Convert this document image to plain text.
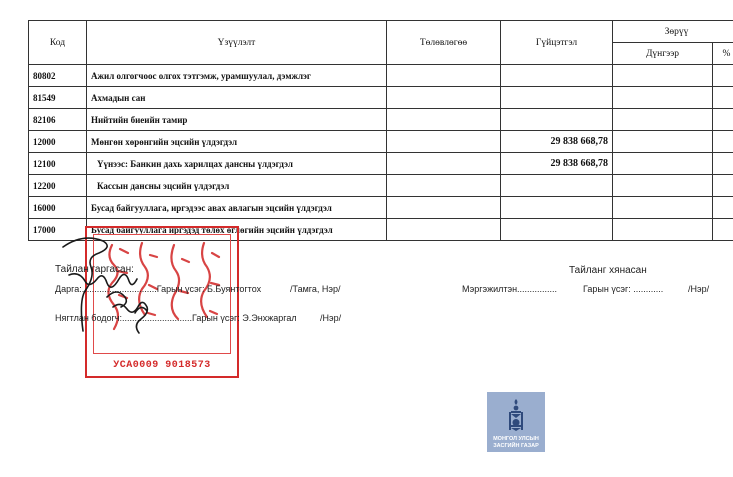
Код	Үзүүлэлт	Төлөвлөгөө	Гүйцэтгэл	Зөрүү	
				Дүнгээр	%
80802	Ажил олгогчоос олгох тэтгэмж, урамшуулал, дэмжлэг				
81549	Ахмадын сан				
82106	Нийтийн биеийн тамир				
12000	Мөнгөн хөрөнгийн эцсийн үлдэгдэл		29 838 668,78		
12100	Үүнээс: Банкин дахь харилцах дансны үлдэгдэл		29 838 668,78		
12200	Кассын дансны эцсийн үлдэгдэл				
16000	Бусад байгууллага, иргэдээс авах авлагын эцсийн үлдэгдэл				
17000	Бусад байгууллага иргэдэд төлөх өглөгийн эцсийн үлдэгдэл				
УСА0009 9018573
Тайлан гаргасан:
Дарга:..............................Гарын үсэг: Б.Буянтогтох	/Тамга, Нэр/
Нягтлан бодогч:............................Гарын үсэг: Э.Энхжаргал	/Нэр/
Тайланг хянасан
Мэргэжилтэн................	Гарын үсэг: ............	/Нэр/
МОНГОЛ УЛСЫН
ЗАСГИЙН ГАЗАР
